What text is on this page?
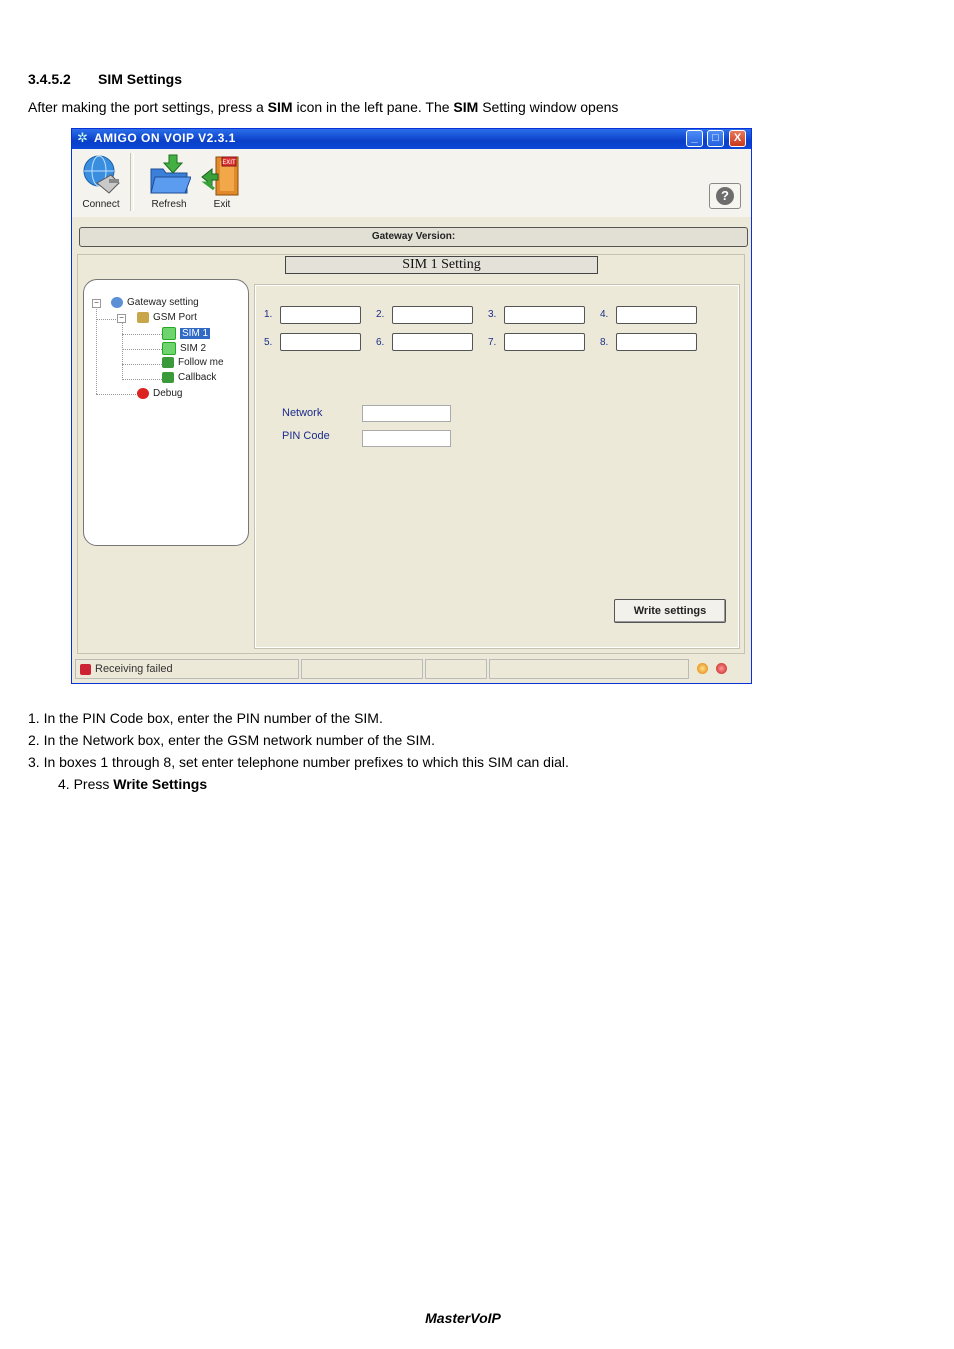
3.4.5.2 SIM Settings
After making the port settings, press a SIM icon in the left pane. The SIM Setting window opens
✲ AMIGO ON VOIP V2.3.1	_	□	X
Connect	Refresh
EXIT
Exit
?
Gateway Version:
SIM 1 Setting
−	Gateway setting
−	GSM Port
SIM 1
SIM 2
Follow me
Callback
Debug
1.	2.	3.	4.
5.	6.	7.	8.
Network
PIN Code
Write settings
Receiving failed
1. In the PIN Code box, enter the PIN number of the SIM.
2. In the Network box, enter the GSM network number of the SIM.
3. In boxes 1 through 8, set enter telephone number prefixes to which this SIM can dial.
4. Press Write Settings
MasterVoIP
